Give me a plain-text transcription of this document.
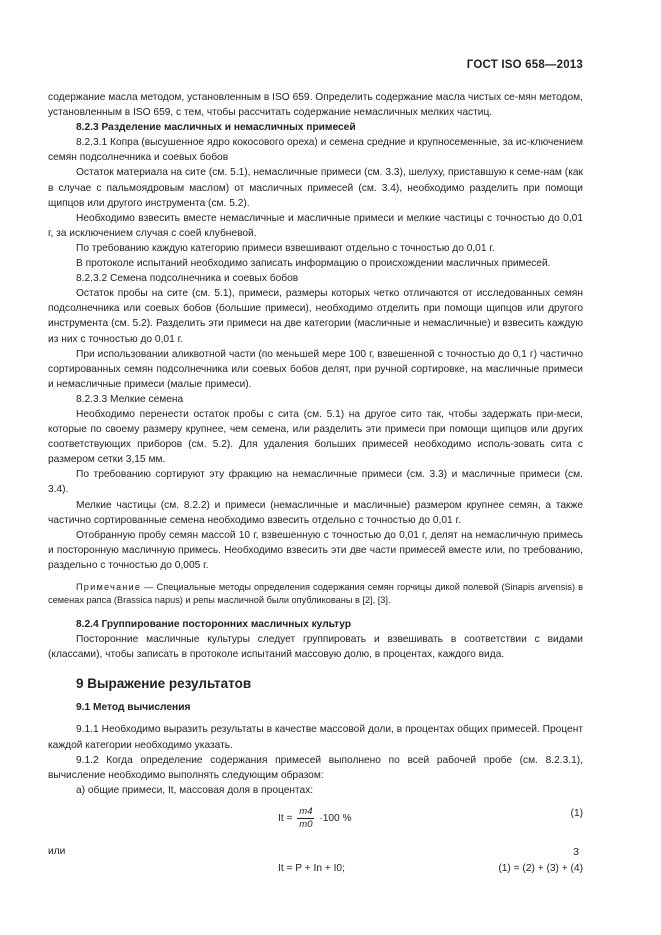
ГОСТ ISO 658—2013

содержание масла методом, установленным в ISO 659. Определить содержание масла чистых се-мян методом, установленным в ISO 659, с тем, чтобы рассчитать содержание немасличных мелких частиц.

8.2.3 Разделение масличных и немасличных примесей

8.2.3.1 Копра (высушенное ядро кокосового ореха) и семена средние и крупносеменные, за ис-ключением семян подсолнечника и соевых бобов

Остаток материала на сите (см. 5.1), немасличные примеси (см. 3.3), шелуху, приставшую к семе-нам (как в случае с пальмоядровым маслом) от масличных примесей (см. 3.4), необходимо разделить при помощи щипцов или другого инструмента (см. 5.2).

Необходимо взвесить вместе немасличные и масличные примеси и мелкие частицы с точностью до 0,01 г, за исключением случая с соей клубневой.

По требованию каждую категорию примеси взвешивают отдельно с точностью до 0,01 г.

В протоколе испытаний необходимо записать информацию о происхождении масличных примесей.

8.2.3.2 Семена подсолнечника и соевых бобов

Остаток пробы на сите (см. 5.1), примеси, размеры которых четко отличаются от исследованных семян подсолнечника или соевых бобов (большие примеси), необходимо отделить при помощи щипцов или другого инструмента (см. 5.2). Разделить эти примеси на две категории (масличные и немасличные) и взвесить каждую из них с точностью до 0,01 г.

При использовании аликвотной части (по меньшей мере 100 г, взвешенной с точностью до 0,1 г) частично сортированных семян подсолнечника или соевых бобов делят, при ручной сортировке, на масличные примеси и немасличные примеси (малые примеси).

8.2.3.3 Мелкие семена

Необходимо перенести остаток пробы с сита (см. 5.1) на другое сито так, чтобы задержать при-меси, которые по своему размеру крупнее, чем семена, или разделить эти примеси при помощи щипцов или других соответствующих приборов (см. 5.2). Для удаления больших примесей необходимо исполь-зовать сита с размером сетки 3,15 мм.

По требованию сортируют эту фракцию на немасличные примеси (см. 3.3) и масличные примеси (см. 3.4).

Мелкие частицы (см. 8.2.2) и примеси (немасличные и масличные) размером крупнее семян, а также частично сортированные семена необходимо взвесить отдельно с точностью до 0,01 г.

Отобранную пробу семян массой 10 г, взвешенную с точностью до 0,01 г, делят на немасличную примесь и посторонную масличную примесь. Необходимо взвесить эти две части примесей вместе или, по требованию, раздельно с точностью до 0,005 г.

Примечание — Специальные методы определения содержания семян горчицы дикой полевой (Sinapis arvensis) в семенах рапса (Brassica napus) и репы масличной были опубликованы в [2], [3].

8.2.4 Группирование посторонних масличных культур

Посторонние масличные культуры следует группировать и взвешивать в соответствии с видами (классами), чтобы записать в протоколе испытаний массовую долю, в процентах, каждого вида.

9 Выражение результатов
9.1 Метод вычисления

9.1.1 Необходимо выразить результаты в качестве массовой доли, в процентах общих примесей. Процент каждой категории необходимо указать.

9.1.2 Когда определение содержания примесей выполнено по всей рабочей пробе (см. 8.2.3.1), вычисление необходимо выполнять следующим образом:

а) общие примеси, It, массовая доля в процентах:

$It = \frac{m4}{m0} \cdot 100$ %	(1)
или
It = P + In + I0;	(1) = (2) + (3) + (4)
3
